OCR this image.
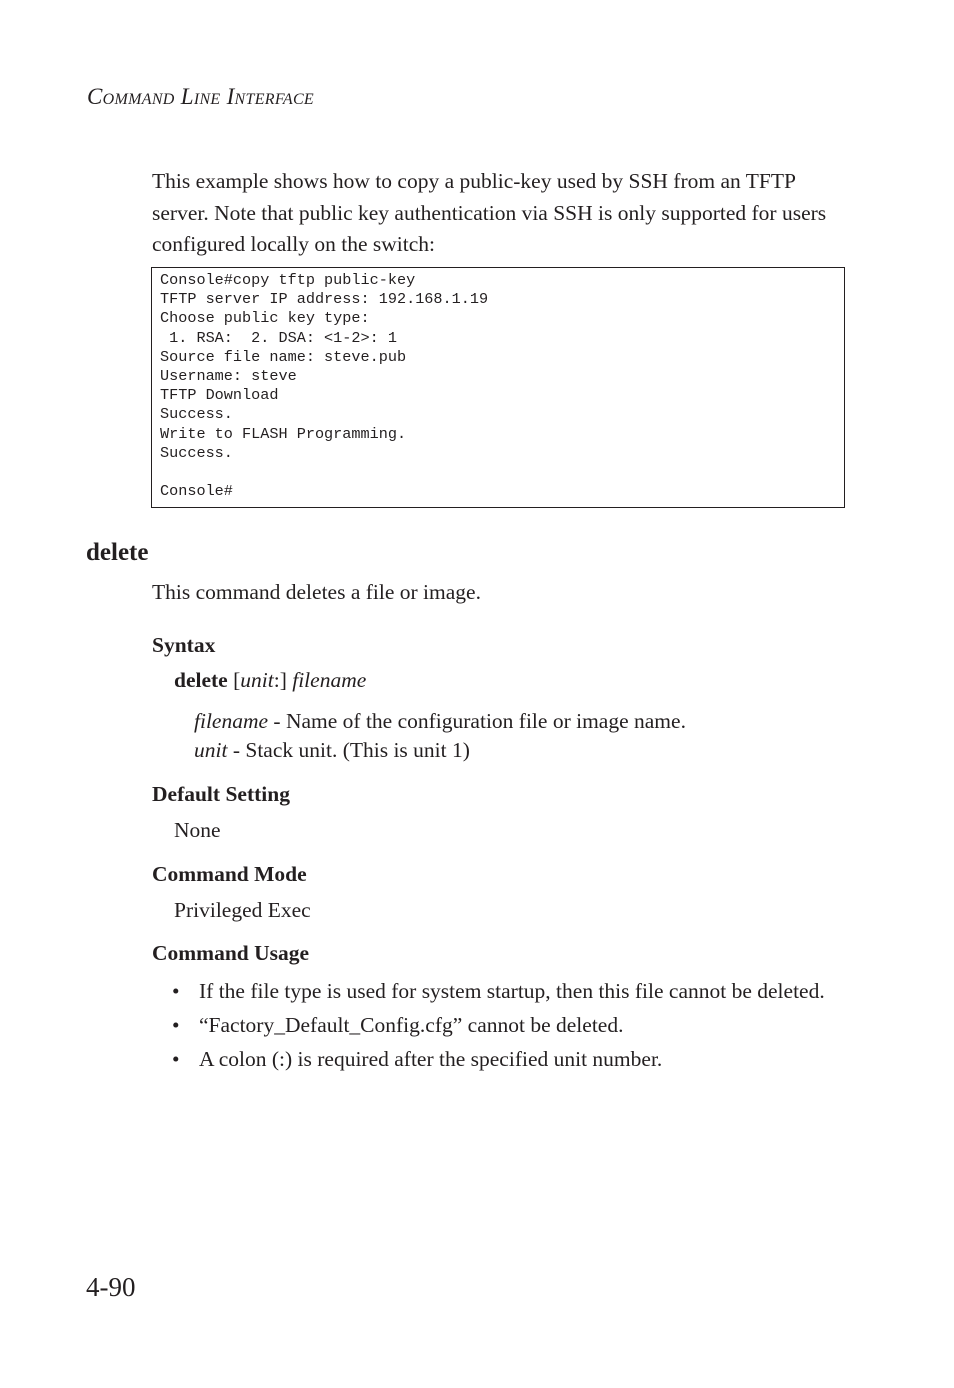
COMMAND LINE INTERFACE
This example shows how to copy a public-key used by SSH from an TFTP server. Note that public key authentication via SSH is only supported for users configured locally on the switch:
Console#copy tftp public-key
TFTP server IP address: 192.168.1.19
Choose public key type:
1. RSA:  2. DSA: <1-2>: 1
Source file name: steve.pub
Username: steve
TFTP Download
Success.
Write to FLASH Programming.
Success.

Console#
delete
This command deletes a file or image.
Syntax
delete [unit:] filename
filename - Name of the configuration file or image name.
unit - Stack unit. (This is unit 1)
Default Setting
None
Command Mode
Privileged Exec
Command Usage
• If the file type is used for system startup, then this file cannot be deleted.
• “Factory_Default_Config.cfg” cannot be deleted.
• A colon (:) is required after the specified unit number.
4-90
